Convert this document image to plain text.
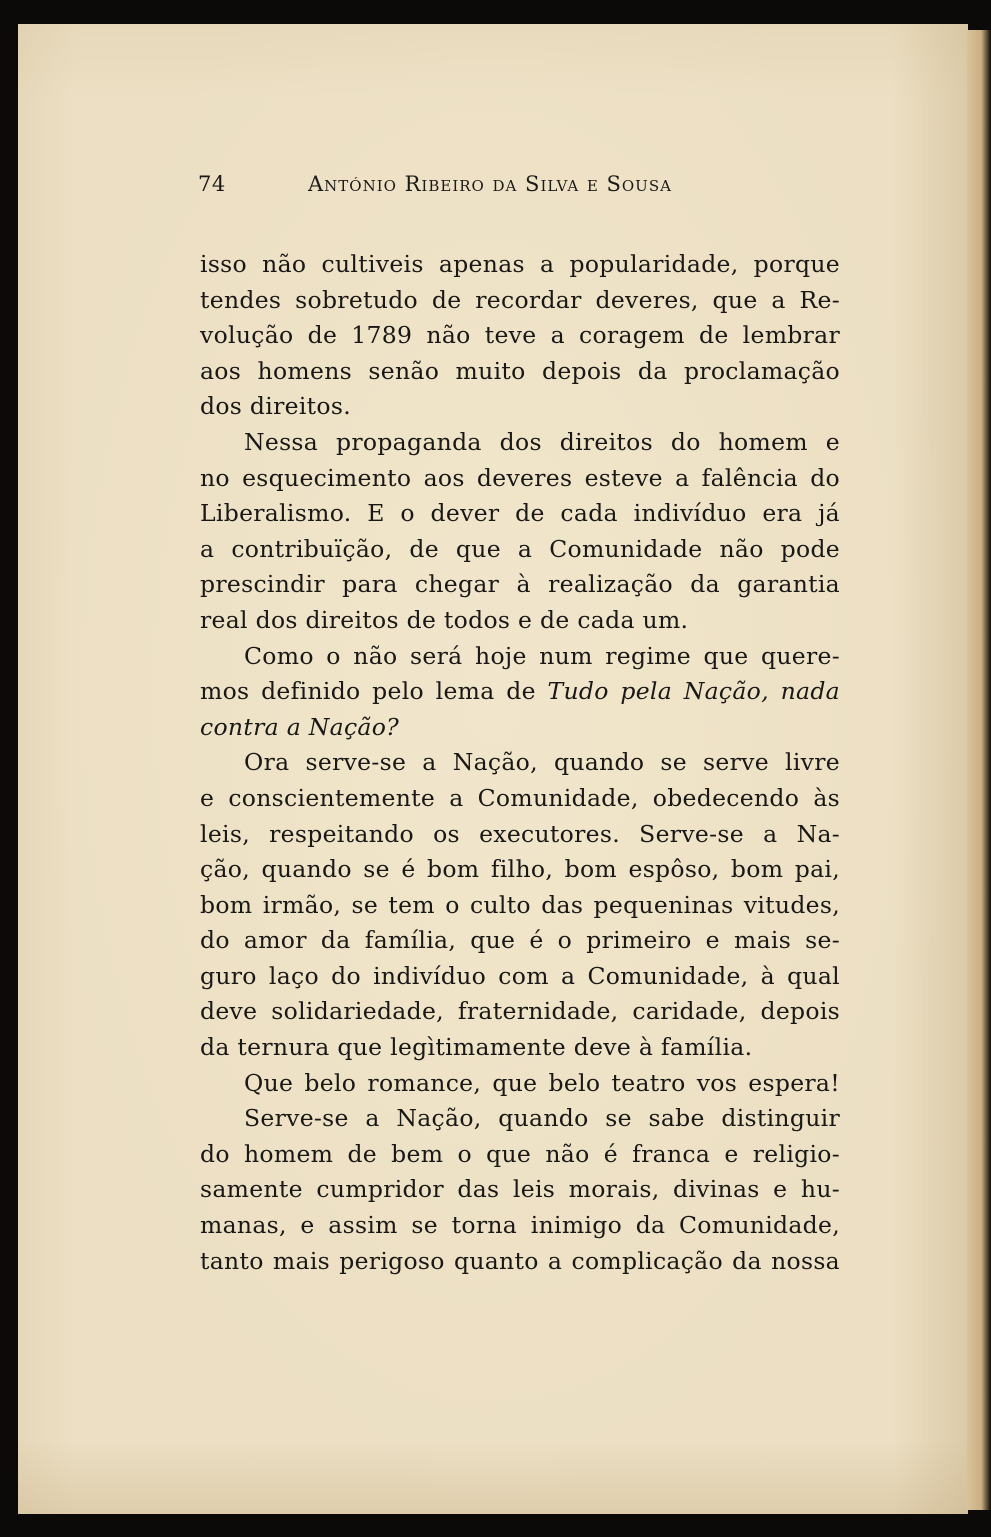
74	António Ribeiro da Silva e Sousa
isso não cultiveis apenas a popularidade, porque
tendes sobretudo de recordar deveres, que a Re-
volução de 1789 não teve a coragem de lembrar
aos homens senão muito depois da proclamação
dos direitos.
Nessa propaganda dos direitos do homem e
no esquecimento aos deveres esteve a falência do
Liberalismo. E o dever de cada indivíduo era já
a contribuïção, de que a Comunidade não pode
prescindir para chegar à realização da garantia
real dos direitos de todos e de cada um.
Como o não será hoje num regime que quere-
mos definido pelo lema de Tudo pela Nação, nada
contra a Nação?
Ora serve-se a Nação, quando se serve livre
e conscientemente a Comunidade, obedecendo às
leis, respeitando os executores. Serve-se a Na-
ção, quando se é bom filho, bom espôso, bom pai,
bom irmão, se tem o culto das pequeninas vitudes,
do amor da família, que é o primeiro e mais se-
guro laço do indivíduo com a Comunidade, à qual
deve solidariedade, fraternidade, caridade, depois
da ternura que legìtimamente deve à família.
Que belo romance, que belo teatro vos espera!
Serve-se a Nação, quando se sabe distinguir
do homem de bem o que não é franca e religio-
samente cumpridor das leis morais, divinas e hu-
manas, e assim se torna inimigo da Comunidade,
tanto mais perigoso quanto a complicação da nossa
